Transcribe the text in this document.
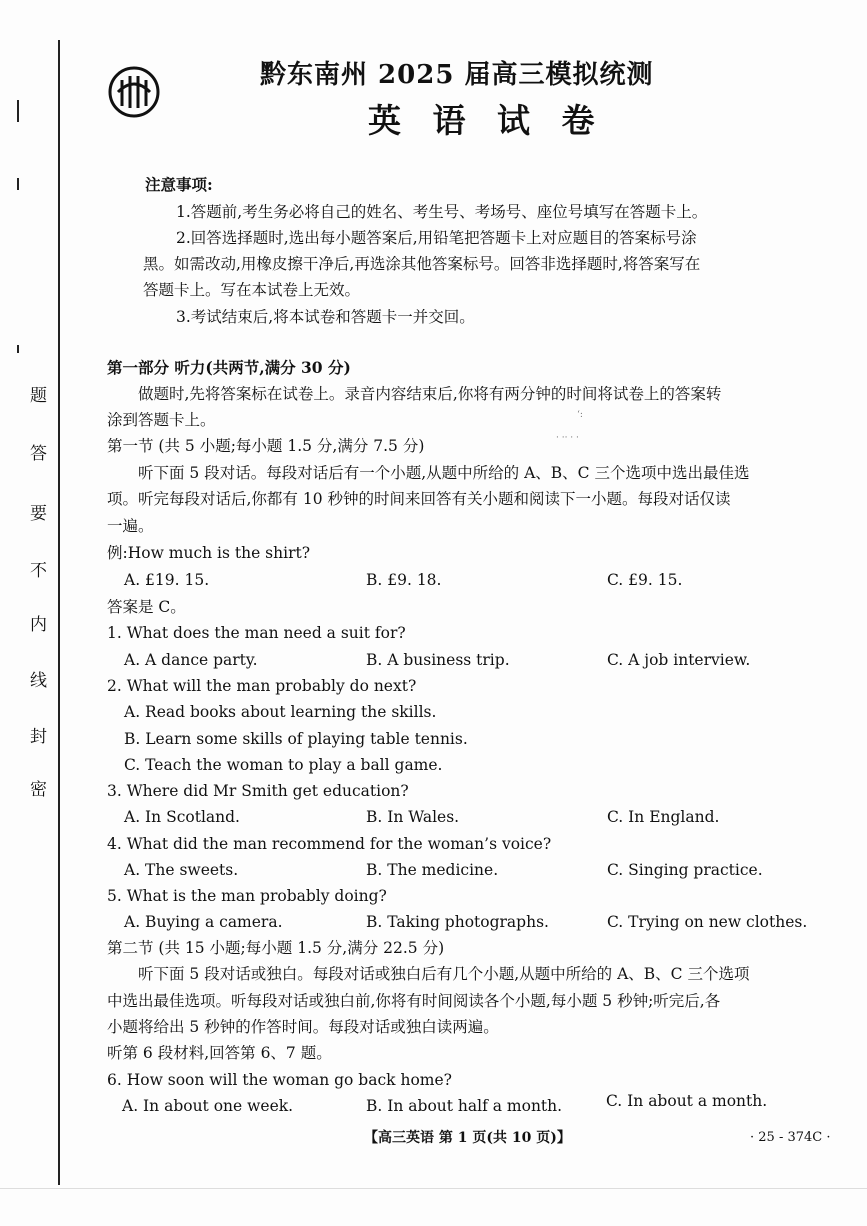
题
答
要
不
内
线
封
密
黔东南州 2025 届高三模拟统测
英 语 试 卷
注意事项:
1.答题前,考生务必将自己的姓名、考生号、考场号、座位号填写在答题卡上。
2.回答选择题时,选出每小题答案后,用铅笔把答题卡上对应题目的答案标号涂
黑。如需改动,用橡皮擦干净后,再选涂其他答案标号。回答非选择题时,将答案写在
答题卡上。写在本试卷上无效。
3.考试结束后,将本试卷和答题卡一并交回。
第一部分 听力(共两节,满分 30 分)
做题时,先将答案标在试卷上。录音内容结束后,你将有两分钟的时间将试卷上的答案转
涂到答题卡上。
第一节 (共 5 小题;每小题 1.5 分,满分 7.5 分)
听下面 5 段对话。每段对话后有一个小题,从题中所给的 A、B、C 三个选项中选出最佳选
项。听完每段对话后,你都有 10 秒钟的时间来回答有关小题和阅读下一小题。每段对话仅读
一遍。
例:How much is the shirt?
A. £19. 15.	B. £9. 18.	C. £9. 15.
答案是 C。
1. What does the man need a suit for?
A. A dance party.	B. A business trip.	C. A job interview.
2. What will the man probably do next?
A. Read books about learning the skills.
B. Learn some skills of playing table tennis.
C. Teach the woman to play a ball game.
3. Where did Mr Smith get education?
A. In Scotland.	B. In Wales.	C. In England.
4. What did the man recommend for the woman’s voice?
A. The sweets.	B. The medicine.	C. Singing practice.
5. What is the man probably doing?
A. Buying a camera.	B. Taking photographs.	C. Trying on new clothes.
第二节 (共 15 小题;每小题 1.5 分,满分 22.5 分)
听下面 5 段对话或独白。每段对话或独白后有几个小题,从题中所给的 A、B、C 三个选项
中选出最佳选项。听每段对话或独白前,你将有时间阅读各个小题,每小题 5 秒钟;听完后,各
小题将给出 5 秒钟的作答时间。每段对话或独白读两遍。
听第 6 段材料,回答第 6、7 题。
6. How soon will the woman go back home?
A. In about one week.	B. In about half a month.	C. In about a month.
ʻ:
· ·· · ·
【高三英语 第 1 页(共 10 页)】	· 25 - 374C ·
